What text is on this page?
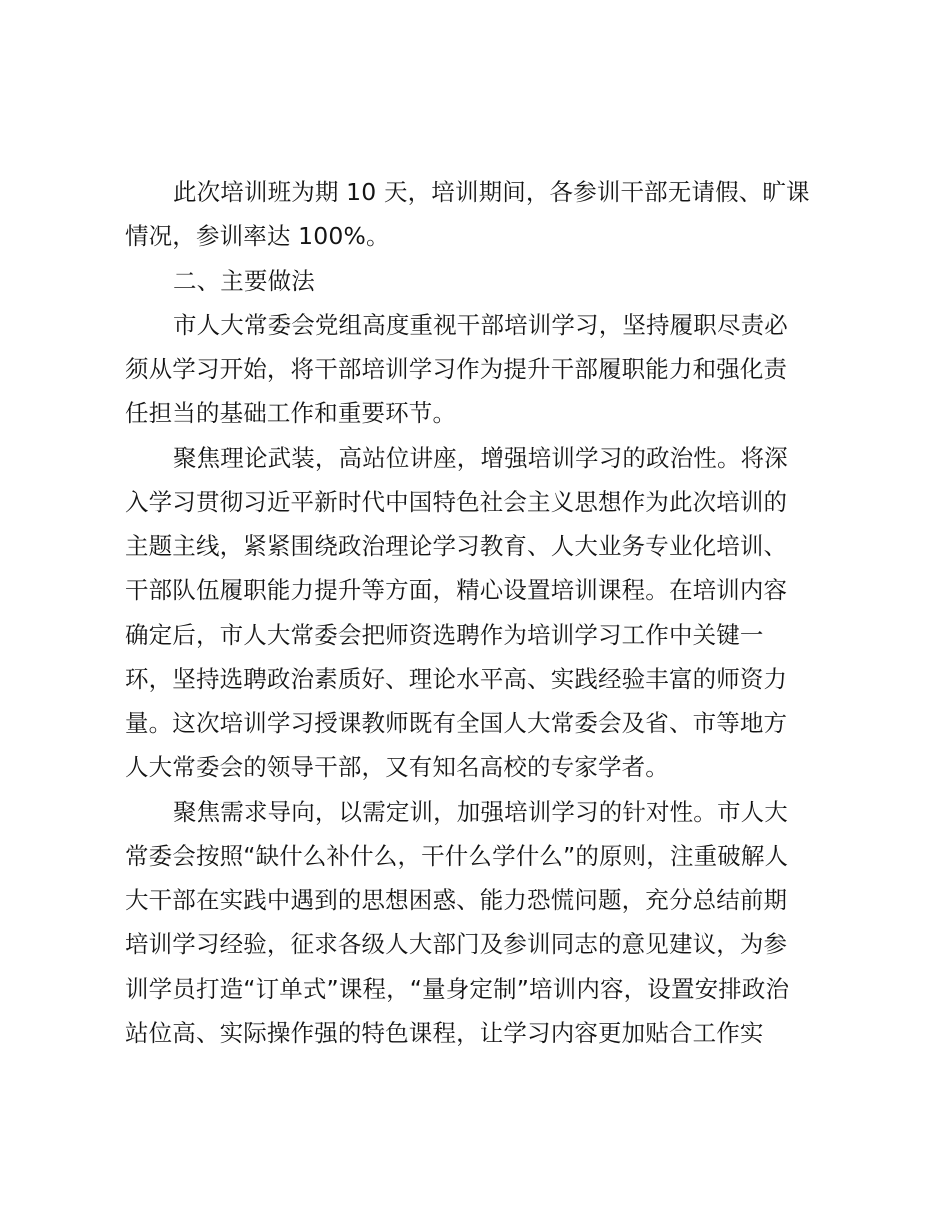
此次培训班为期 10 天，培训期间，各参训干部无请假、旷课
情况，参训率达 100%。
二、主要做法
市人大常委会党组高度重视干部培训学习，坚持履职尽责必
须从学习开始，将干部培训学习作为提升干部履职能力和强化责
任担当的基础工作和重要环节。
聚焦理论武装，高站位讲座，增强培训学习的政治性。将深
入学习贯彻习近平新时代中国特色社会主义思想作为此次培训的
主题主线，紧紧围绕政治理论学习教育、人大业务专业化培训、
干部队伍履职能力提升等方面，精心设置培训课程。在培训内容
确定后，市人大常委会把师资选聘作为培训学习工作中关键一
环，坚持选聘政治素质好、理论水平高、实践经验丰富的师资力
量。这次培训学习授课教师既有全国人大常委会及省、市等地方
人大常委会的领导干部，又有知名高校的专家学者。
聚焦需求导向，以需定训，加强培训学习的针对性。市人大
常委会按照“缺什么补什么，干什么学什么”的原则，注重破解人
大干部在实践中遇到的思想困惑、能力恐慌问题，充分总结前期
培训学习经验，征求各级人大部门及参训同志的意见建议，为参
训学员打造“订单式”课程，“量身定制”培训内容，设置安排政治
站位高、实际操作强的特色课程，让学习内容更加贴合工作实
